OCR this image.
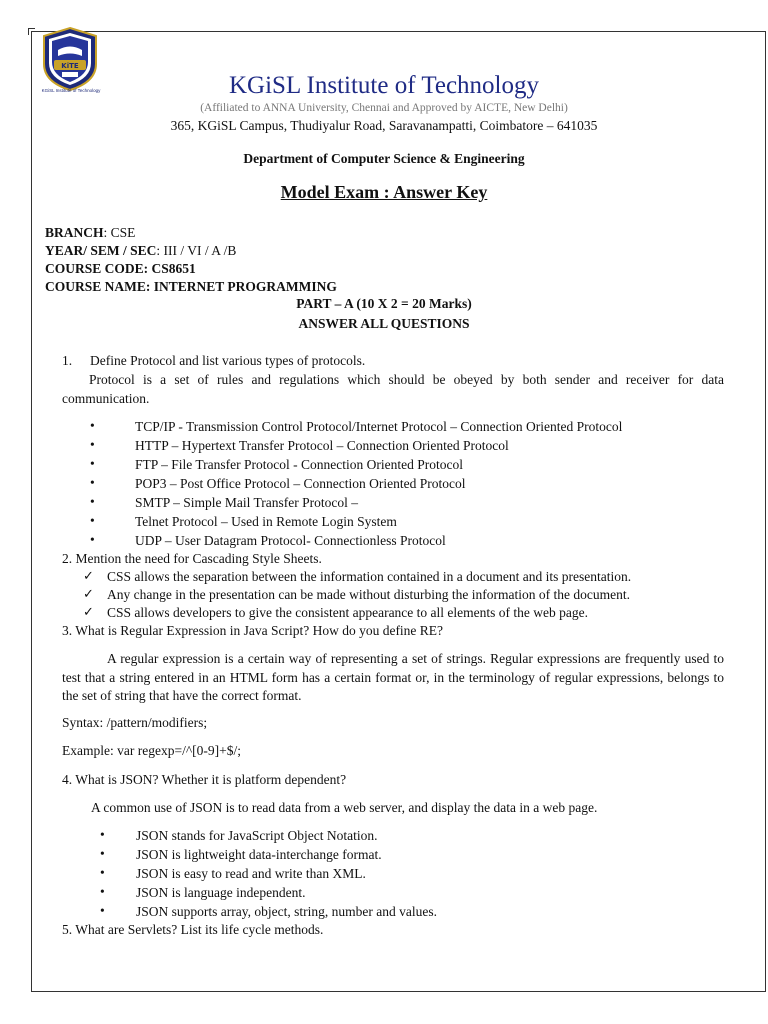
KiTE
KGiSL Institute of Technology	KGiSL Institute of Technology
(Affiliated to ANNA University, Chennai and Approved by AICTE, New Delhi)
365, KGiSL Campus, Thudiyalur Road, Saravanampatti, Coimbatore – 641035
Department of Computer Science & Engineering
Model Exam : Answer Key
BRANCH: CSE
YEAR/ SEM / SEC: III / VI / A /B
COURSE CODE: CS8651
COURSE NAME: INTERNET PROGRAMMING
PART – A (10 X 2 = 20 Marks)
ANSWER ALL QUESTIONS
1. Define Protocol and list various types of protocols.
Protocol is a set of rules and regulations which should be obeyed by both sender and receiver for data communication.
•	TCP/IP - Transmission Control Protocol/Internet Protocol – Connection Oriented Protocol
•	HTTP – Hypertext Transfer Protocol – Connection Oriented Protocol
•	FTP – File Transfer Protocol - Connection Oriented Protocol
•	POP3 – Post Office Protocol – Connection Oriented Protocol
•	SMTP – Simple Mail Transfer Protocol –
•	Telnet Protocol – Used in Remote Login System
•	UDP – User Datagram Protocol- Connectionless Protocol
2. Mention the need for Cascading Style Sheets.
✓ CSS allows the separation between the information contained in a document and its presentation.
✓ Any change in the presentation can be made without disturbing the information of the document.
✓ CSS allows developers to give the consistent appearance to all elements of the web page.
3. What is Regular Expression in Java Script? How do you define RE?
A regular expression is a certain way of representing a set of strings. Regular expressions are frequently used to test that a string entered in an HTML form has a certain format or, in the terminology of regular expressions, belongs to the set of string that have the correct format.
Syntax: /pattern/modifiers;
Example: var regexp=/^[0-9]+$/;
4. What is JSON? Whether it is platform dependent?
A common use of JSON is to read data from a web server, and display the data in a web page.
• JSON stands for JavaScript Object Notation.
• JSON is lightweight data-interchange format.
• JSON is easy to read and write than XML.
• JSON is language independent.
• JSON supports array, object, string, number and values.
5. What are Servlets? List its life cycle methods.
